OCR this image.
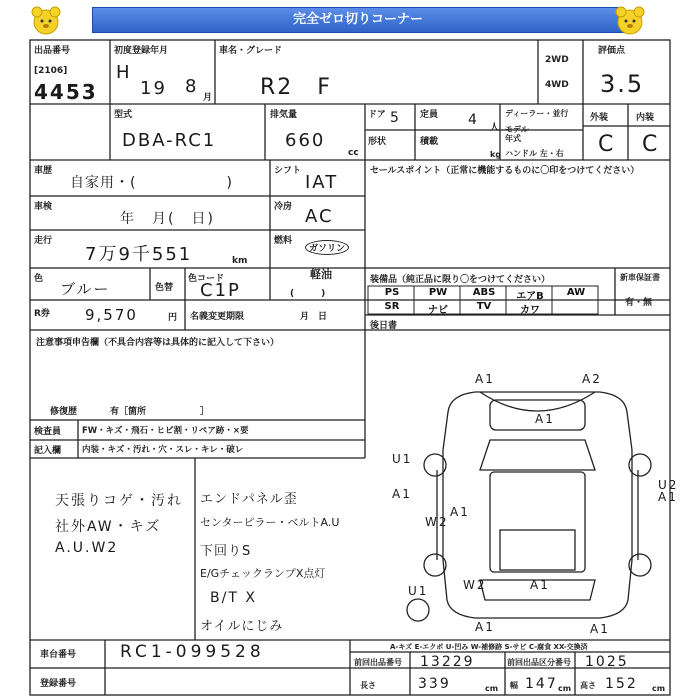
完全ゼロ切りコーナー
出品番号
[2106]
4453
初度登録年月
H
19 8
月
車名・グレード
R2　F
2WD
4WD
評価点
3.5
型式
DBA-RC1
排気量
660
cc
ドア 5 定員 4 人
ディーラー・並行
モデル
年式
ハンドル 左・右
形状	積載
kg
外装	内装
C C
車歴
自家用・(　　　　　　)
シフト
IAT
セールスポイント（正常に機能するものに〇印をつけてください）
車検
年　月(　日)
冷房 AC
走行
7万9千551	km
燃料
ガソリン
軽油
(　　　)
色
ブルー	色替
色コード
C1P	装備品（純正品に限り〇をつけてください）	新車保証書
有・無
PS	PW	ABS	エアB	AW
SR	ナビ	TV	カワ
R券 9,570	円 名義変更期限	月　日
後日書
注意事項申告欄（不具合内容等は具体的に記入して下さい）
修復歴	有［箇所　　　　　　］
検査員 FW・キズ・飛石・ヒビ割・リペア跡・×要
記入欄 内装・キズ・汚れ・穴・スレ・キレ・破レ
天張りコゲ・汚れ
社外AW・キズ
A.U.W2
エンドパネル歪
センターピラー・ベルトA.U
下回りS
E/GチェックランプX点灯
B/T X
オイルにじみ
A1	A2
A1
U1
A1	A1
U2
A1
W2
W2	A1
U1
A1	A1
車台番号	RC1-099528
登録番号
A-キズ E-エクボ U-凹み W-補修跡 S-サビ C-腐食 XX-交換済
前回出品番号 13229	前回出品区分番号 1025
長さ	339	cm 幅 147 cm 高さ 152 cm
